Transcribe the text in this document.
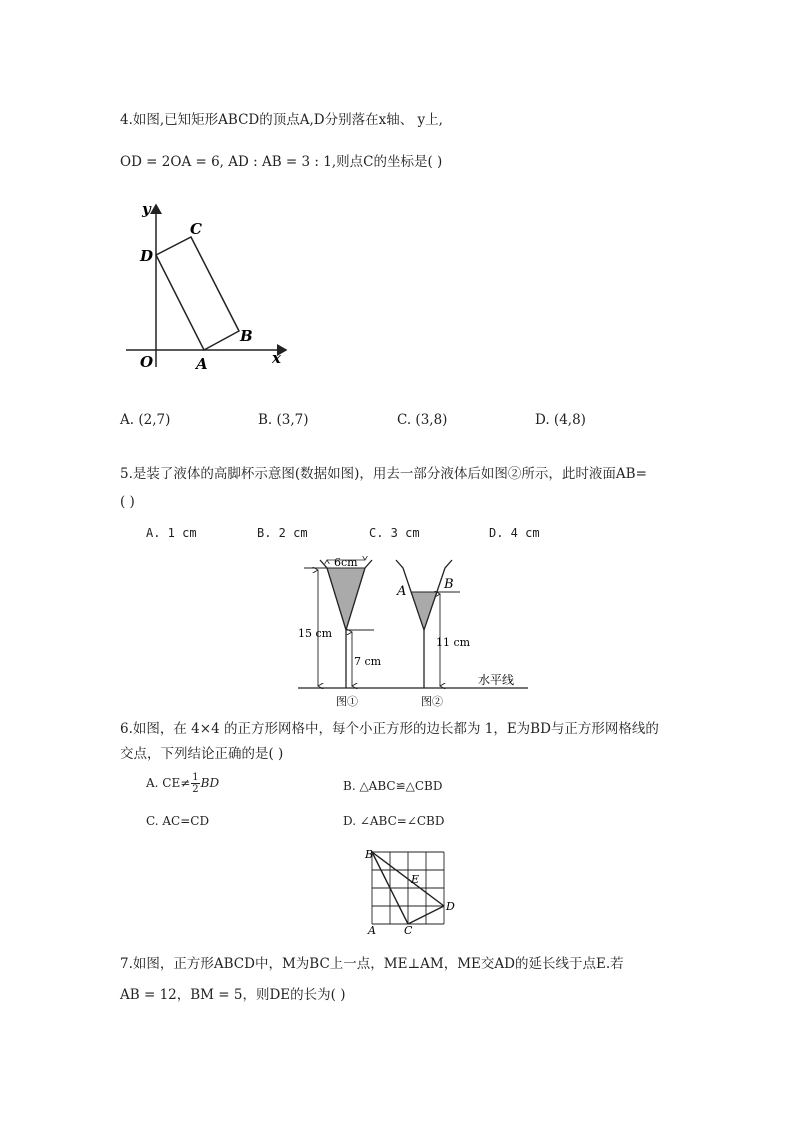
4.如图,已知矩形ABCD的顶点A,D分别落在x轴、 y上,
OD = 2OA = 6, AD : AB = 3 : 1,则点C的坐标是( )
y
x
O	A
B
C
D
A. (2,7)	B. (3,7)	C. (3,8)	D. (4,8)
5.是装了液体的高脚杯示意图(数据如图)，用去一部分液体后如图②所示，此时液面AB=
( )
A. 1 cm	B. 2 cm	C. 3 cm	D. 4 cm
6cm
15 cm
7 cm
11 cm
A	B
图①	图②
水平线
6.如图，在 4×4 的正方形网格中，每个小正方形的边长都为 1，E为BD与正方形网格线的
交点，下列结论正确的是( )
A. $CE\ne \frac{1}{2}$ BD	B. △ABC≌△CBD
C. AC=CD	D. ∠ABC=∠CBD
B
E
D
A	C
7.如图，正方形ABCD中，M为BC上一点，ME⊥AM，ME交AD的延长线于点E.若
AB = 12，BM = 5，则DE的长为( )
